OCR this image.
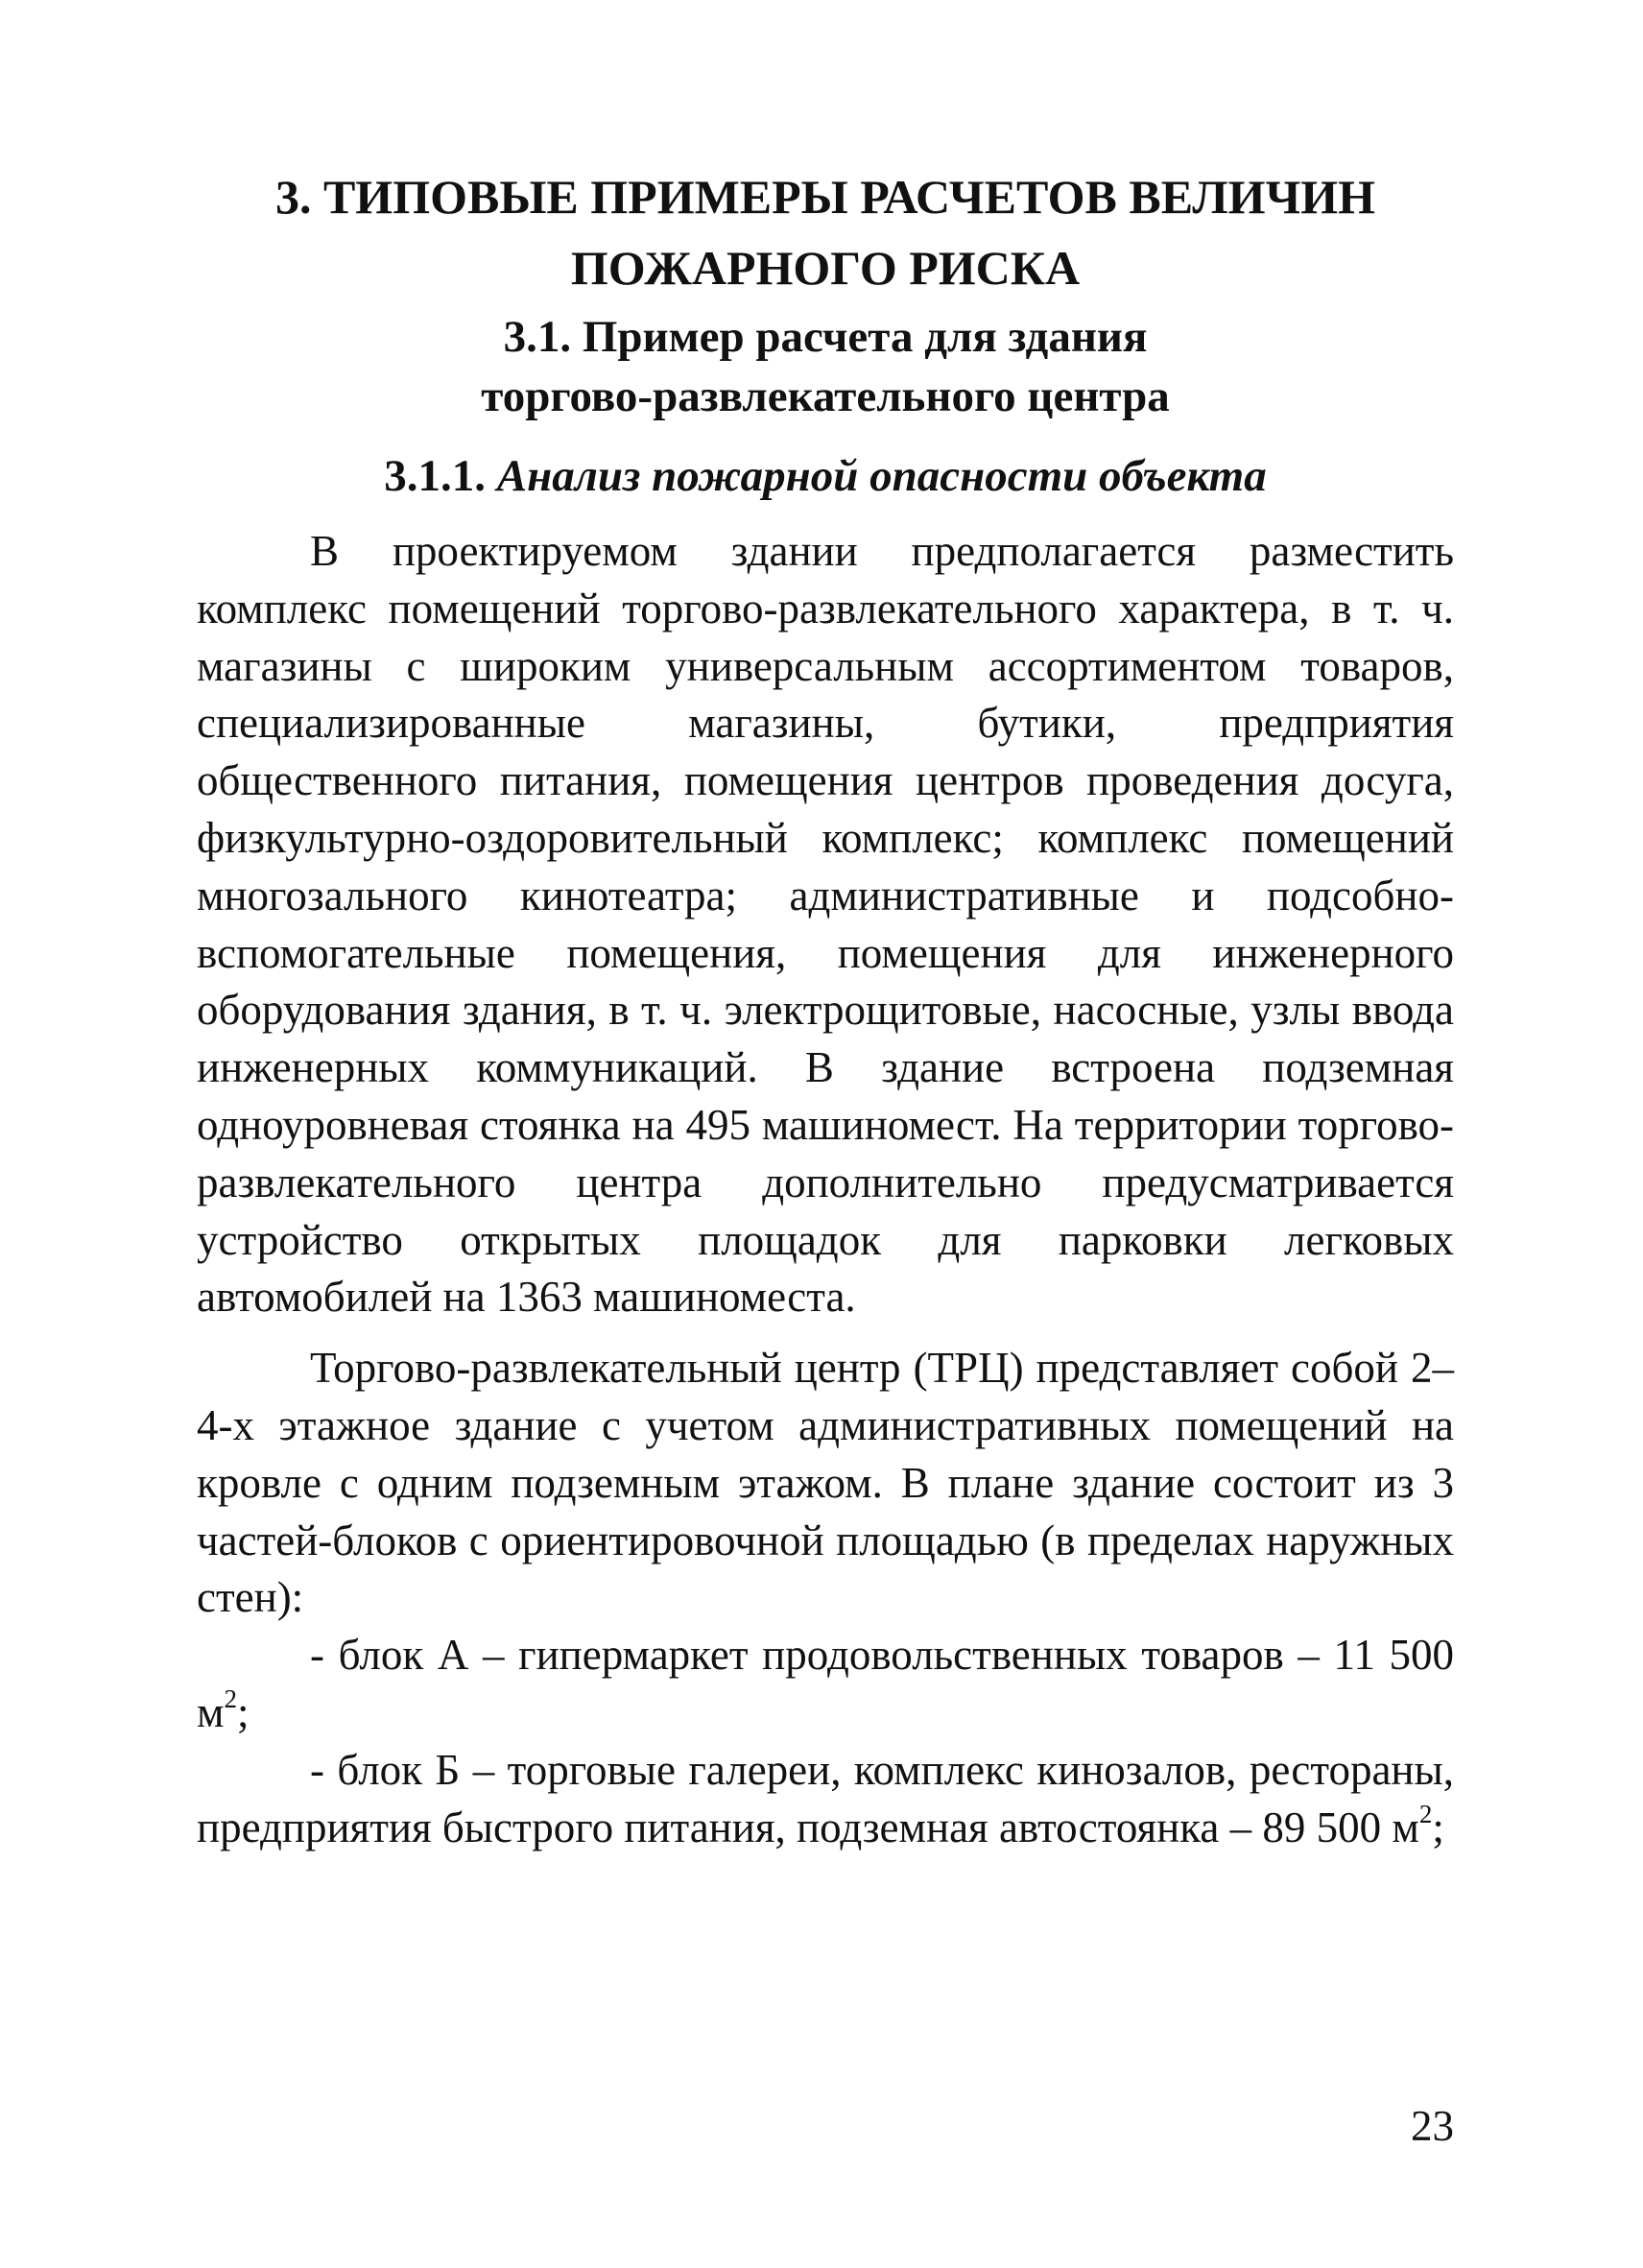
3. ТИПОВЫЕ ПРИМЕРЫ РАСЧЕТОВ ВЕЛИЧИН
ПОЖАРНОГО РИСКА
3.1. Пример расчета для здания
торгово-развлекательного центра
3.1.1. Анализ пожарной опасности объекта

В проектируемом здании предполагается разместить комплекс помещений торгово-развлекательного характера, в т. ч. магазины с широким универсальным ассортиментом товаров, специализированные магазины, бутики, предприятия общественного питания, помещения центров проведения досуга, физкультурно-оздоровительный комплекс; комплекс помещений многозального кинотеатра; административные и подсобно-вспомогательные помещения, помещения для инженерного оборудования здания, в т. ч. электрощитовые, насосные, узлы ввода инженерных коммуникаций. В здание встроена подземная одноуровневая стоянка на 495 машиномест. На территории торгово-развлекательного центра дополнительно предусматривается устройство открытых площадок для парковки легковых автомобилей на 1363 машиноместа.

Торгово-развлекательный центр (ТРЦ) представляет собой 2–4-х этажное здание с учетом административных помещений на кровле с одним подземным этажом. В плане здание состоит из 3 частей-блоков с ориентировочной площадью (в пределах наружных стен):

- блок А – гипермаркет продовольственных товаров – 11 500 $м^2$;

- блок Б – торговые галереи, комплекс кинозалов, рестораны, предприятия быстрого питания, подземная автостоянка – 89 500 $м^2$;

23
